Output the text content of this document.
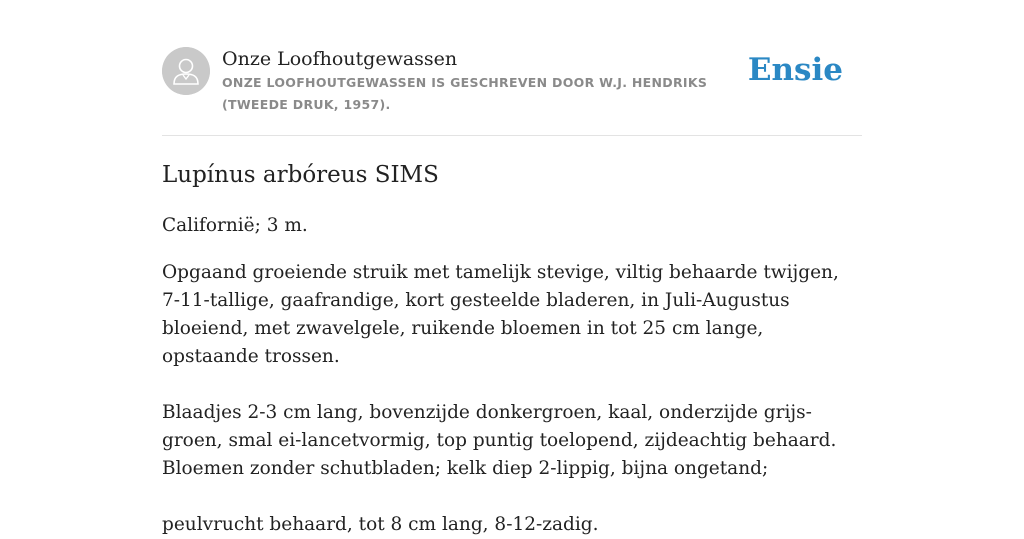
Onze Loofhoutgewassen
ONZE LOOFHOUTGEWASSEN IS GESCHREVEN DOOR W.J. HENDRIKS (TWEEDE DRUK, 1957).
Ensie
Lupínus arbóreus SIMS

Californië; 3 m.

Opgaand groeiende struik met tamelijk stevige, viltig behaarde twijgen, 7-11-tallige, gaafrandige, kort gesteelde bladeren, in Juli-Augustus bloeiend, met zwavelgele, ruikende bloemen in tot 25 cm lange, opstaande trossen.

Blaadjes 2-3 cm lang, bovenzijde donkergroen, kaal, onderzijde grijs-groen, smal ei-lancetvormig, top puntig toelopend, zijdeachtig behaard. Bloemen zonder schutbladen; kelk diep 2-lippig, bijna ongetand;

peulvrucht behaard, tot 8 cm lang, 8-12-zadig.
